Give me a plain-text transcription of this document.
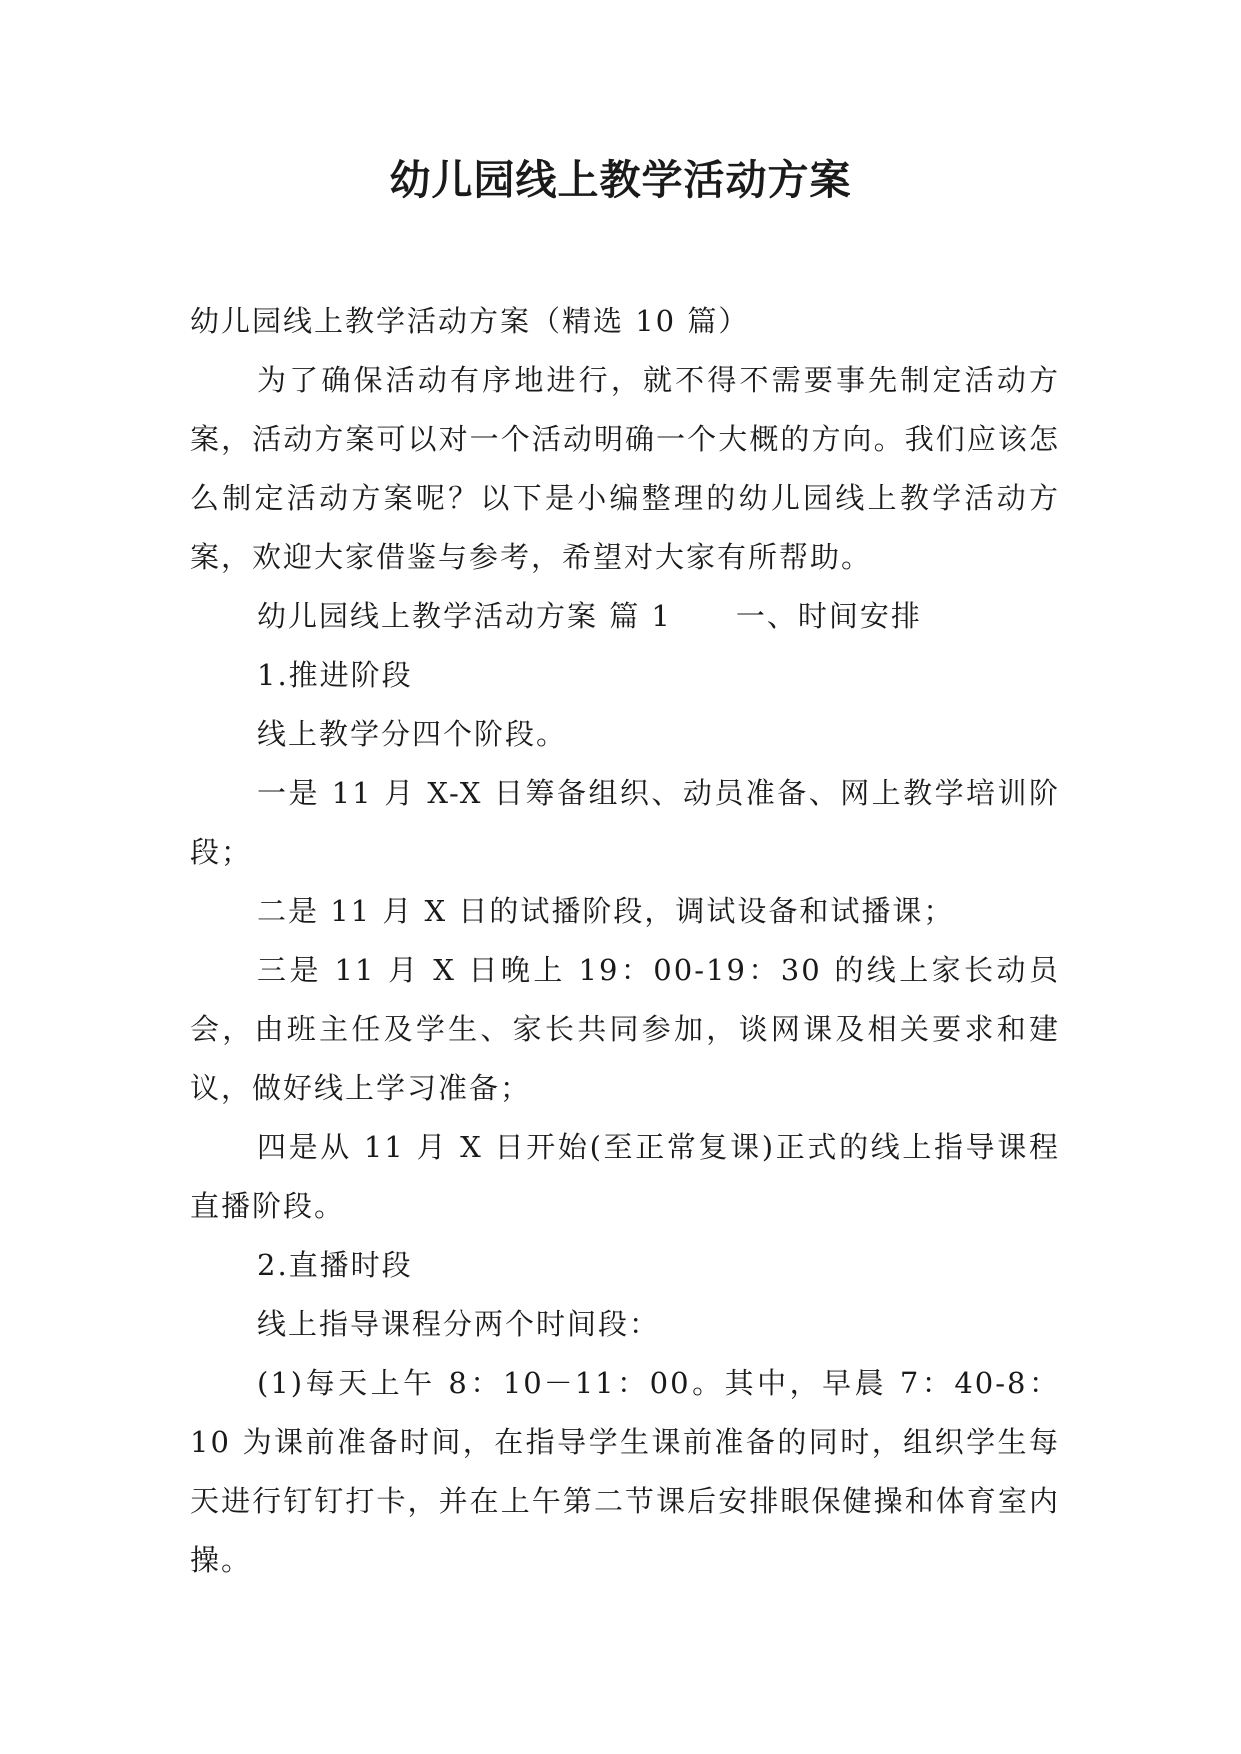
幼儿园线上教学活动方案

幼儿园线上教学活动方案（精选 10 篇）

为了确保活动有序地进行，就不得不需要事先制定活动方案，活动方案可以对一个活动明确一个大概的方向。我们应该怎么制定活动方案呢？以下是小编整理的幼儿园线上教学活动方案，欢迎大家借鉴与参考，希望对大家有所帮助。

幼儿园线上教学活动方案 篇 1 一、时间安排

1.推进阶段

线上教学分四个阶段。

一是 11 月 X-X 日筹备组织、动员准备、网上教学培训阶段；

二是 11 月 X 日的试播阶段，调试设备和试播课；

三是 11 月 X 日晚上 19：00-19：30 的线上家长动员会，由班主任及学生、家长共同参加，谈网课及相关要求和建议，做好线上学习准备；

四是从 11 月 X 日开始(至正常复课)正式的线上指导课程直播阶段。

2.直播时段

线上指导课程分两个时间段：

(1)每天上午 8：10－11：00。其中，早晨 7：40-8：10 为课前准备时间，在指导学生课前准备的同时，组织学生每天进行钉钉打卡，并在上午第二节课后安排眼保健操和体育室内操。
